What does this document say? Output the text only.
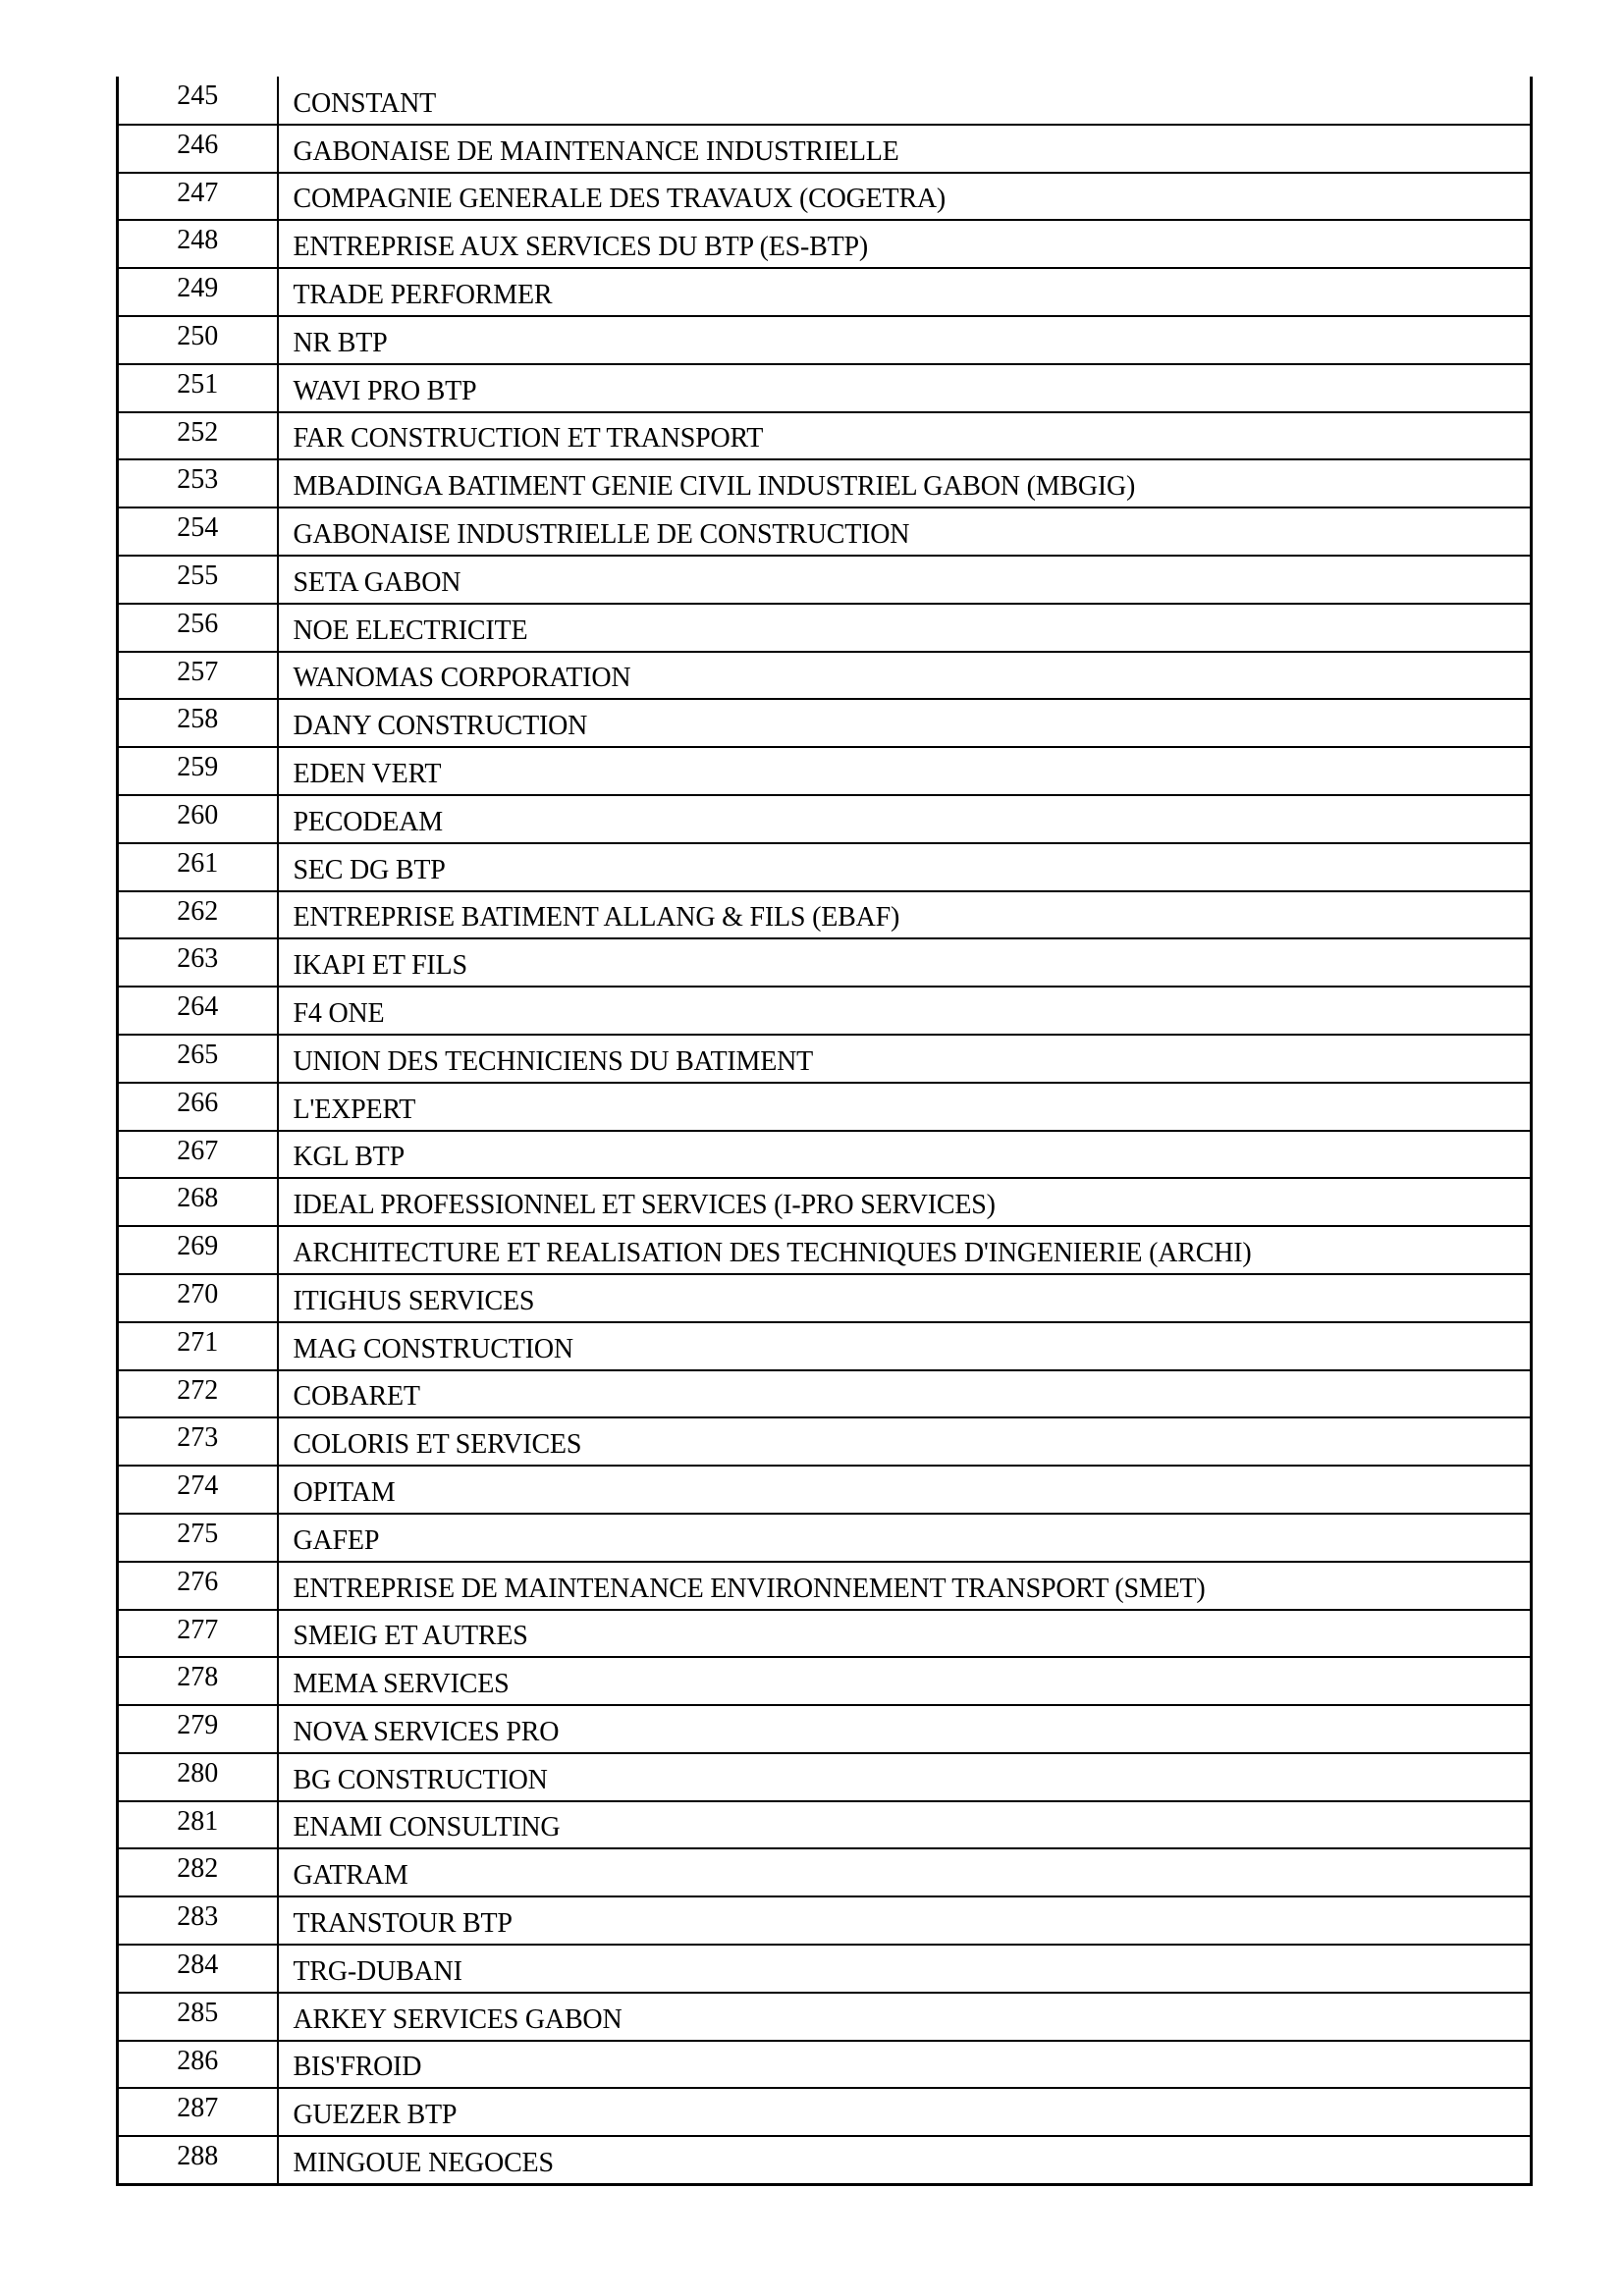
245	CONSTANT
246	GABONAISE DE MAINTENANCE INDUSTRIELLE
247	COMPAGNIE GENERALE DES TRAVAUX (COGETRA)
248	ENTREPRISE AUX SERVICES DU BTP (ES-BTP)
249	TRADE PERFORMER
250	NR BTP
251	WAVI PRO BTP
252	FAR CONSTRUCTION ET TRANSPORT
253	MBADINGA BATIMENT GENIE CIVIL INDUSTRIEL GABON (MBGIG)
254	GABONAISE INDUSTRIELLE DE CONSTRUCTION
255	SETA GABON
256	NOE ELECTRICITE
257	WANOMAS CORPORATION
258	DANY CONSTRUCTION
259	EDEN VERT
260	PECODEAM
261	SEC DG BTP
262	ENTREPRISE BATIMENT ALLANG & FILS (EBAF)
263	IKAPI ET FILS
264	F4 ONE
265	UNION DES TECHNICIENS DU BATIMENT
266	L'EXPERT
267	KGL BTP
268	IDEAL PROFESSIONNEL ET SERVICES (I-PRO SERVICES)
269	ARCHITECTURE ET REALISATION DES TECHNIQUES D'INGENIERIE (ARCHI)
270	ITIGHUS SERVICES
271	MAG CONSTRUCTION
272	COBARET
273	COLORIS ET SERVICES
274	OPITAM
275	GAFEP
276	ENTREPRISE DE MAINTENANCE ENVIRONNEMENT TRANSPORT (SMET)
277	SMEIG ET AUTRES
278	MEMA SERVICES
279	NOVA SERVICES PRO
280	BG CONSTRUCTION
281	ENAMI CONSULTING
282	GATRAM
283	TRANSTOUR BTP
284	TRG-DUBANI
285	ARKEY SERVICES GABON
286	BIS'FROID
287	GUEZER BTP
288	MINGOUE NEGOCES
